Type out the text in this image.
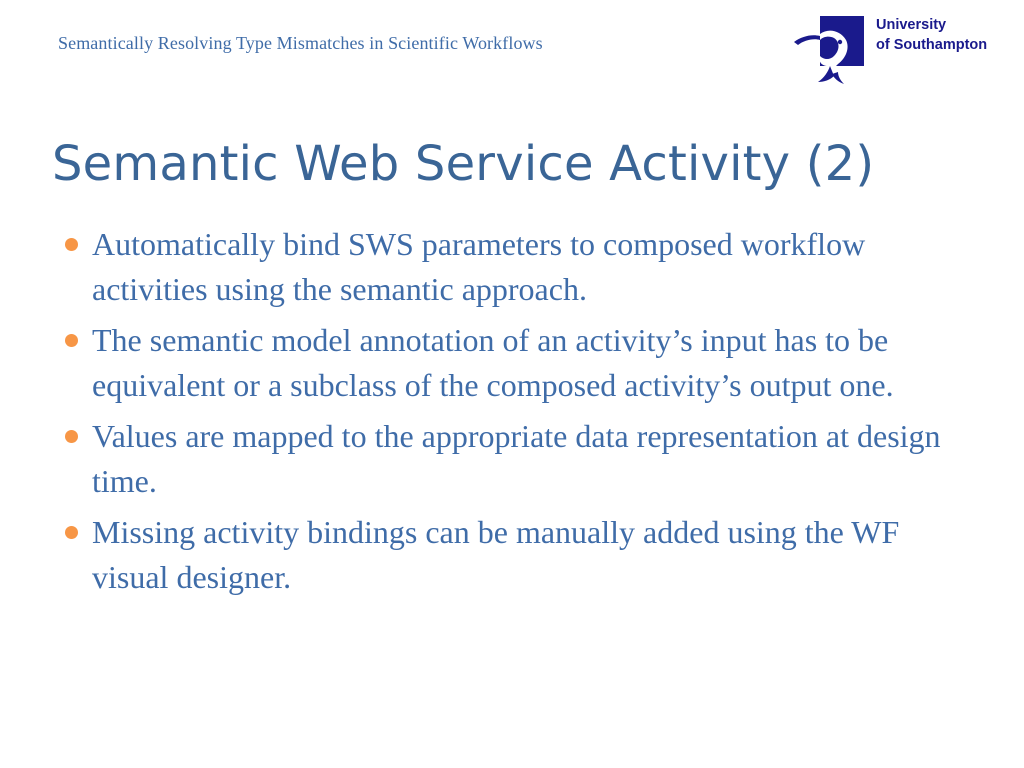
Semantically Resolving Type Mismatches in Scientific Workflows
University
of Southampton
Semantic Web Service Activity (2)
Automatically bind SWS parameters to composed workflow activities using the semantic approach.
The semantic model annotation of an activity’s input has to be equivalent or a subclass of the composed activity’s output one.
Values are mapped to the appropriate data representation at design time.
Missing activity bindings can be manually added using the WF visual designer.
